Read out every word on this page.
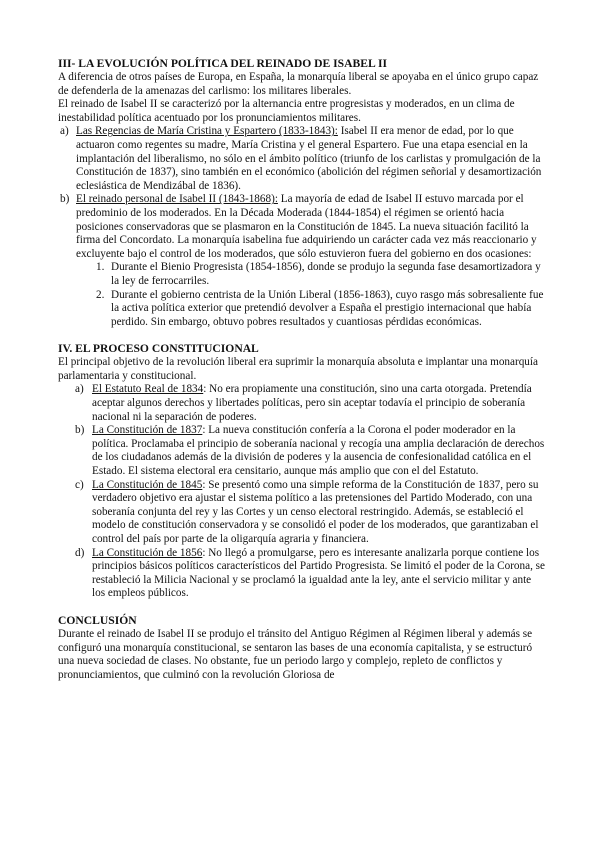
III- LA EVOLUCIÓN POLÍTICA DEL REINADO DE ISABEL II

A diferencia de otros países de Europa, en España, la monarquía liberal se apoyaba en el único grupo capaz de defenderla de la amenazas del carlismo: los militares liberales.

El reinado de Isabel II se caracterizó por la alternancia entre progresistas y moderados, en un clima de inestabilidad política acentuado por los pronunciamientos militares.

a) Las Regencias de María Cristina y Espartero (1833-1843): Isabel II era menor de edad, por lo que actuaron como regentes su madre, María Cristina y el general Espartero. Fue una etapa esencial en la implantación del liberalismo, no sólo en el ámbito político (triunfo de los carlistas y promulgación de la Constitución de 1837), sino también en el económico (abolición del régimen señorial y desamortización eclesiástica de Mendizábal de 1836).
b) El reinado personal de Isabel II (1843-1868): La mayoría de edad de Isabel II estuvo marcada por el predominio de los moderados. En la Década Moderada (1844-1854) el régimen se orientó hacia posiciones conservadoras que se plasmaron en la Constitución de 1845. La nueva situación facilitó la firma del Concordato. La monarquía isabelina fue adquiriendo un carácter cada vez más reaccionario y excluyente bajo el control de los moderados, que sólo estuvieron fuera del gobierno en dos ocasiones:
1. Durante el Bienio Progresista (1854-1856), donde se produjo la segunda fase desamortizadora y la ley de ferrocarriles.
2. Durante el gobierno centrista de la Unión Liberal (1856-1863), cuyo rasgo más sobresaliente fue la activa política exterior que pretendió devolver a España el prestigio internacional que había perdido. Sin embargo, obtuvo pobres resultados y cuantiosas pérdidas económicas.
IV. EL PROCESO CONSTITUCIONAL

El principal objetivo de la revolución liberal era suprimir la monarquía absoluta e implantar una monarquía parlamentaria y constitucional.

a) El Estatuto Real de 1834: No era propiamente una constitución, sino una carta otorgada. Pretendía aceptar algunos derechos y libertades políticas, pero sin aceptar todavía el principio de soberanía nacional ni la separación de poderes.
b) La Constitución de 1837: La nueva constitución confería a la Corona el poder moderador en la política. Proclamaba el principio de soberanía nacional y recogía una amplia declaración de derechos de los ciudadanos además de la división de poderes y la ausencia de confesionalidad católica en el Estado. El sistema electoral era censitario, aunque más amplio que con el del Estatuto.
c) La Constitución de 1845: Se presentó como una simple reforma de la Constitución de 1837, pero su verdadero objetivo era ajustar el sistema político a las pretensiones del Partido Moderado, con una soberanía conjunta del rey y las Cortes y un censo electoral restringido. Además, se estableció el modelo de constitución conservadora y se consolidó el poder de los moderados, que garantizaban el control del país por parte de la oligarquía agraria y financiera.
d) La Constitución de 1856: No llegó a promulgarse, pero es interesante analizarla porque contiene los principios básicos políticos característicos del Partido Progresista. Se limitó el poder de la Corona, se restableció la Milicia Nacional y se proclamó la igualdad ante la ley, ante el servicio militar y ante los empleos públicos.
CONCLUSIÓN

Durante el reinado de Isabel II se produjo el tránsito del Antiguo Régimen al Régimen liberal y además se configuró una monarquía constitucional, se sentaron las bases de una economía capitalista, y se estructuró una nueva sociedad de clases. No obstante, fue un periodo largo y complejo, repleto de conflictos y pronunciamientos, que culminó con la revolución Gloriosa de
